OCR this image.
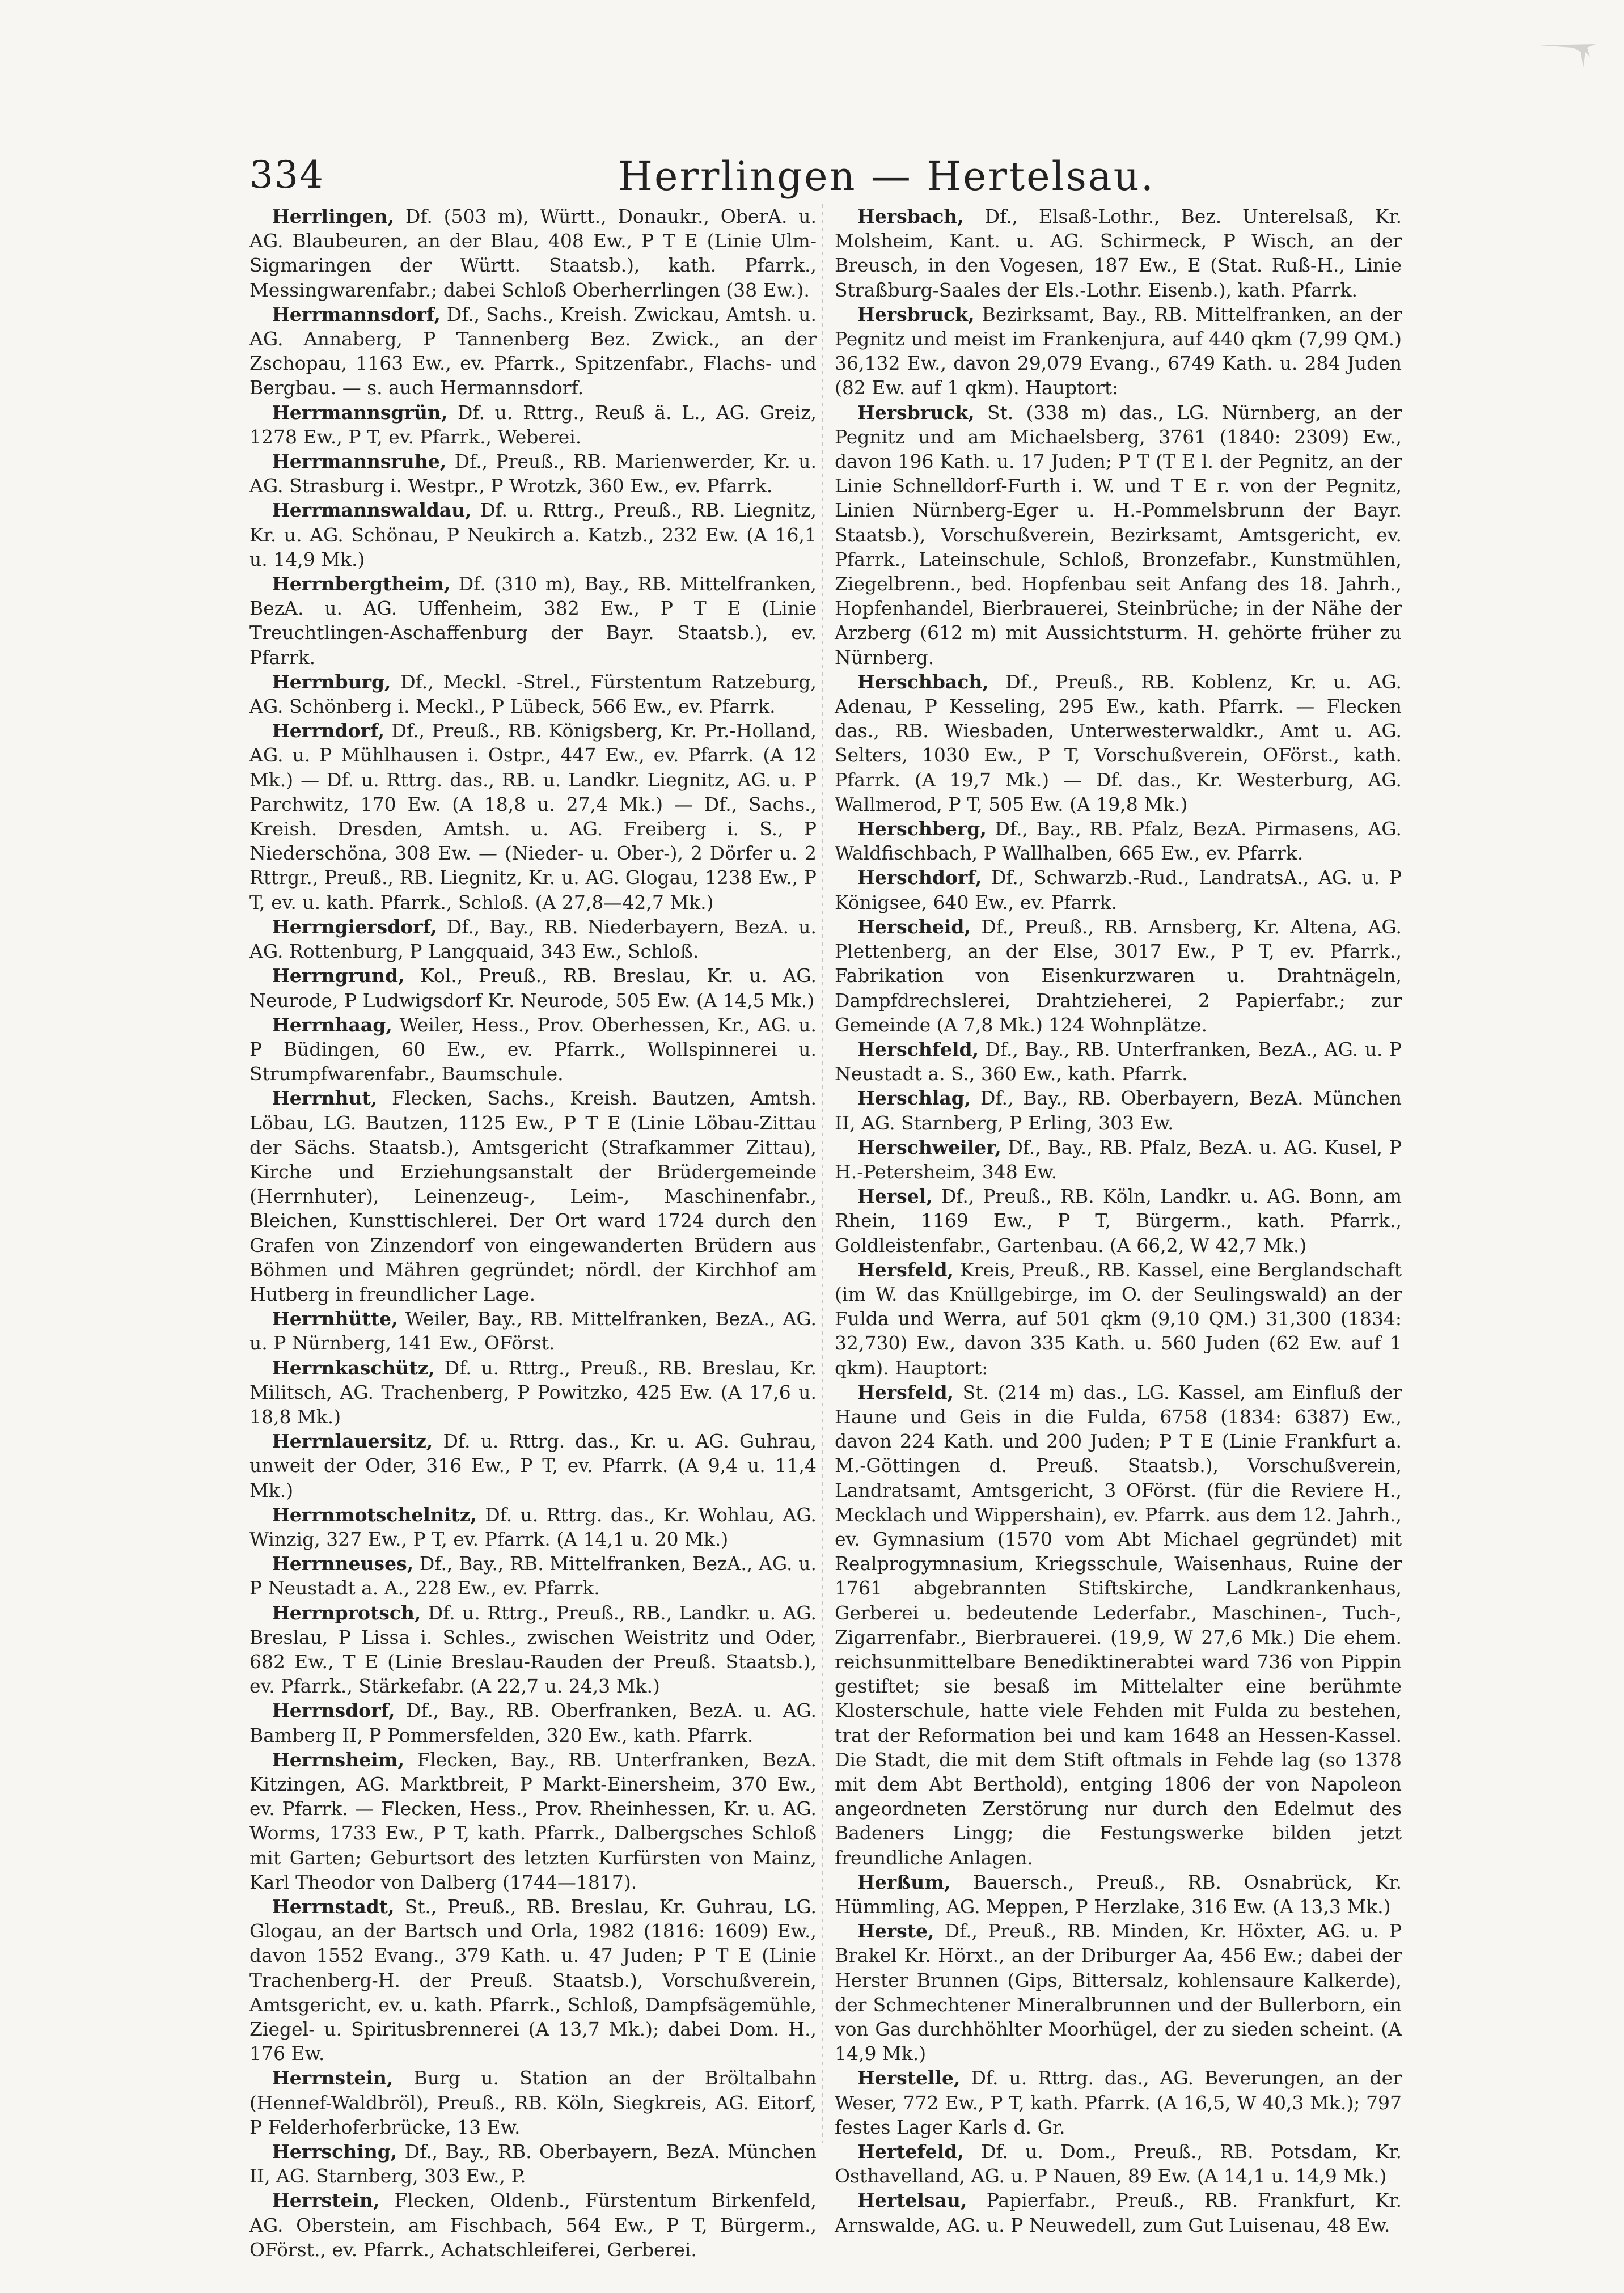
334	Herrlingen — Hertelsau.

Herrlingen, Df. (503 m), Württ., Donaukr., OberA. u. AG. Blaubeuren, an der Blau, 408 Ew., P T E (Linie Ulm-Sigmaringen der Württ. Staatsb.), kath. Pfarrk., Messingwarenfabr.; dabei Schloß Oberherrlingen (38 Ew.).

Herrmannsdorf, Df., Sachs., Kreish. Zwickau, Amtsh. u. AG. Annaberg, P Tannenberg Bez. Zwick., an der Zschopau, 1163 Ew., ev. Pfarrk., Spitzenfabr., Flachs- und Bergbau. — s. auch Hermannsdorf.

Herrmannsgrün, Df. u. Rttrg., Reuß ä. L., AG. Greiz, 1278 Ew., P T, ev. Pfarrk., Weberei.

Herrmannsruhe, Df., Preuß., RB. Marienwerder, Kr. u. AG. Strasburg i. Westpr., P Wrotzk, 360 Ew., ev. Pfarrk.

Herrmannswaldau, Df. u. Rttrg., Preuß., RB. Liegnitz, Kr. u. AG. Schönau, P Neukirch a. Katzb., 232 Ew. (A 16,1 u. 14,9 Mk.)

Herrnbergtheim, Df. (310 m), Bay., RB. Mittelfranken, BezA. u. AG. Uffenheim, 382 Ew., P T E (Linie Treuchtlingen-Aschaffenburg der Bayr. Staatsb.), ev. Pfarrk.

Herrnburg, Df., Meckl. -Strel., Fürstentum Ratzeburg, AG. Schönberg i. Meckl., P Lübeck, 566 Ew., ev. Pfarrk.

Herrndorf, Df., Preuß., RB. Königsberg, Kr. Pr.-Holland, AG. u. P Mühlhausen i. Ostpr., 447 Ew., ev. Pfarrk. (A 12 Mk.) — Df. u. Rttrg. das., RB. u. Landkr. Liegnitz, AG. u. P Parchwitz, 170 Ew. (A 18,8 u. 27,4 Mk.) — Df., Sachs., Kreish. Dresden, Amtsh. u. AG. Freiberg i. S., P Niederschöna, 308 Ew. — (Nieder- u. Ober-), 2 Dörfer u. 2 Rttrgr., Preuß., RB. Liegnitz, Kr. u. AG. Glogau, 1238 Ew., P T, ev. u. kath. Pfarrk., Schloß. (A 27,8—42,7 Mk.)

Herrngiersdorf, Df., Bay., RB. Niederbayern, BezA. u. AG. Rottenburg, P Langquaid, 343 Ew., Schloß.

Herrngrund, Kol., Preuß., RB. Breslau, Kr. u. AG. Neurode, P Ludwigsdorf Kr. Neurode, 505 Ew. (A 14,5 Mk.)

Herrnhaag, Weiler, Hess., Prov. Oberhessen, Kr., AG. u. P Büdingen, 60 Ew., ev. Pfarrk., Wollspinnerei u. Strumpfwarenfabr., Baumschule.

Herrnhut, Flecken, Sachs., Kreish. Bautzen, Amtsh. Löbau, LG. Bautzen, 1125 Ew., P T E (Linie Löbau-Zittau der Sächs. Staatsb.), Amtsgericht (Strafkammer Zittau), Kirche und Erziehungsanstalt der Brüdergemeinde (Herrnhuter), Leinenzeug-, Leim-, Maschinenfabr., Bleichen, Kunsttischlerei. Der Ort ward 1724 durch den Grafen von Zinzendorf von eingewanderten Brüdern aus Böhmen und Mähren gegründet; nördl. der Kirchhof am Hutberg in freundlicher Lage.

Herrnhütte, Weiler, Bay., RB. Mittelfranken, BezA., AG. u. P Nürnberg, 141 Ew., OFörst.

Herrnkaschütz, Df. u. Rttrg., Preuß., RB. Breslau, Kr. Militsch, AG. Trachenberg, P Powitzko, 425 Ew. (A 17,6 u. 18,8 Mk.)

Herrnlauersitz, Df. u. Rttrg. das., Kr. u. AG. Guhrau, unweit der Oder, 316 Ew., P T, ev. Pfarrk. (A 9,4 u. 11,4 Mk.)

Herrnmotschelnitz, Df. u. Rttrg. das., Kr. Wohlau, AG. Winzig, 327 Ew., P T, ev. Pfarrk. (A 14,1 u. 20 Mk.)

Herrnneuses, Df., Bay., RB. Mittelfranken, BezA., AG. u. P Neustadt a. A., 228 Ew., ev. Pfarrk.

Herrnprotsch, Df. u. Rttrg., Preuß., RB., Landkr. u. AG. Breslau, P Lissa i. Schles., zwischen Weistritz und Oder, 682 Ew., T E (Linie Breslau-Rauden der Preuß. Staatsb.), ev. Pfarrk., Stärkefabr. (A 22,7 u. 24,3 Mk.)

Herrnsdorf, Df., Bay., RB. Oberfranken, BezA. u. AG. Bamberg II, P Pommersfelden, 320 Ew., kath. Pfarrk.

Herrnsheim, Flecken, Bay., RB. Unterfranken, BezA. Kitzingen, AG. Marktbreit, P Markt-Einersheim, 370 Ew., ev. Pfarrk. — Flecken, Hess., Prov. Rheinhessen, Kr. u. AG. Worms, 1733 Ew., P T, kath. Pfarrk., Dalbergsches Schloß mit Garten; Geburtsort des letzten Kurfürsten von Mainz, Karl Theodor von Dalberg (1744—1817).

Herrnstadt, St., Preuß., RB. Breslau, Kr. Guhrau, LG. Glogau, an der Bartsch und Orla, 1982 (1816: 1609) Ew., davon 1552 Evang., 379 Kath. u. 47 Juden; P T E (Linie Trachenberg-H. der Preuß. Staatsb.), Vorschußverein, Amtsgericht, ev. u. kath. Pfarrk., Schloß, Dampfsägemühle, Ziegel- u. Spiritusbrennerei (A 13,7 Mk.); dabei Dom. H., 176 Ew.

Herrnstein, Burg u. Station an der Bröltalbahn (Hennef-Waldbröl), Preuß., RB. Köln, Siegkreis, AG. Eitorf, P Felderhoferbrücke, 13 Ew.

Herrsching, Df., Bay., RB. Oberbayern, BezA. München II, AG. Starnberg, 303 Ew., P.

Herrstein, Flecken, Oldenb., Fürstentum Birkenfeld, AG. Oberstein, am Fischbach, 564 Ew., P T, Bürgerm., OFörst., ev. Pfarrk., Achatschleiferei, Gerberei.

Hersbach, Df., Elsaß-Lothr., Bez. Unterelsaß, Kr. Molsheim, Kant. u. AG. Schirmeck, P Wisch, an der Breusch, in den Vogesen, 187 Ew., E (Stat. Ruß-H., Linie Straßburg-Saales der Els.-Lothr. Eisenb.), kath. Pfarrk.

Hersbruck, Bezirksamt, Bay., RB. Mittelfranken, an der Pegnitz und meist im Frankenjura, auf 440 qkm (7,99 QM.) 36,132 Ew., davon 29,079 Evang., 6749 Kath. u. 284 Juden (82 Ew. auf 1 qkm). Hauptort:

Hersbruck, St. (338 m) das., LG. Nürnberg, an der Pegnitz und am Michaelsberg, 3761 (1840: 2309) Ew., davon 196 Kath. u. 17 Juden; P T (T E l. der Pegnitz, an der Linie Schnelldorf-Furth i. W. und T E r. von der Pegnitz, Linien Nürnberg-Eger u. H.-Pommelsbrunn der Bayr. Staatsb.), Vorschußverein, Bezirksamt, Amtsgericht, ev. Pfarrk., Lateinschule, Schloß, Bronzefabr., Kunstmühlen, Ziegelbrenn., bed. Hopfenbau seit Anfang des 18. Jahrh., Hopfenhandel, Bierbrauerei, Steinbrüche; in der Nähe der Arzberg (612 m) mit Aussichtsturm. H. gehörte früher zu Nürnberg.

Herschbach, Df., Preuß., RB. Koblenz, Kr. u. AG. Adenau, P Kesseling, 295 Ew., kath. Pfarrk. — Flecken das., RB. Wiesbaden, Unterwesterwaldkr., Amt u. AG. Selters, 1030 Ew., P T, Vorschußverein, OFörst., kath. Pfarrk. (A 19,7 Mk.) — Df. das., Kr. Westerburg, AG. Wallmerod, P T, 505 Ew. (A 19,8 Mk.)

Herschberg, Df., Bay., RB. Pfalz, BezA. Pirmasens, AG. Waldfischbach, P Wallhalben, 665 Ew., ev. Pfarrk.

Herschdorf, Df., Schwarzb.-Rud., LandratsA., AG. u. P Königsee, 640 Ew., ev. Pfarrk.

Herscheid, Df., Preuß., RB. Arnsberg, Kr. Altena, AG. Plettenberg, an der Else, 3017 Ew., P T, ev. Pfarrk., Fabrikation von Eisenkurzwaren u. Drahtnägeln, Dampfdrechslerei, Drahtzieherei, 2 Papierfabr.; zur Gemeinde (A 7,8 Mk.) 124 Wohnplätze.

Herschfeld, Df., Bay., RB. Unterfranken, BezA., AG. u. P Neustadt a. S., 360 Ew., kath. Pfarrk.

Herschlag, Df., Bay., RB. Oberbayern, BezA. München II, AG. Starnberg, P Erling, 303 Ew.

Herschweiler, Df., Bay., RB. Pfalz, BezA. u. AG. Kusel, P H.-Petersheim, 348 Ew.

Hersel, Df., Preuß., RB. Köln, Landkr. u. AG. Bonn, am Rhein, 1169 Ew., P T, Bürgerm., kath. Pfarrk., Goldleistenfabr., Gartenbau. (A 66,2, W 42,7 Mk.)

Hersfeld, Kreis, Preuß., RB. Kassel, eine Berglandschaft (im W. das Knüllgebirge, im O. der Seulingswald) an der Fulda und Werra, auf 501 qkm (9,10 QM.) 31,300 (1834: 32,730) Ew., davon 335 Kath. u. 560 Juden (62 Ew. auf 1 qkm). Hauptort:

Hersfeld, St. (214 m) das., LG. Kassel, am Einfluß der Haune und Geis in die Fulda, 6758 (1834: 6387) Ew., davon 224 Kath. und 200 Juden; P T E (Linie Frankfurt a. M.-Göttingen d. Preuß. Staatsb.), Vorschußverein, Landratsamt, Amtsgericht, 3 OFörst. (für die Reviere H., Mecklach und Wippershain), ev. Pfarrk. aus dem 12. Jahrh., ev. Gymnasium (1570 vom Abt Michael gegründet) mit Realprogymnasium, Kriegsschule, Waisenhaus, Ruine der 1761 abgebrannten Stiftskirche, Landkrankenhaus, Gerberei u. bedeutende Lederfabr., Maschinen-, Tuch-, Zigarrenfabr., Bierbrauerei. (19,9, W 27,6 Mk.) Die ehem. reichsunmittelbare Benediktinerabtei ward 736 von Pippin gestiftet; sie besaß im Mittelalter eine berühmte Klosterschule, hatte viele Fehden mit Fulda zu bestehen, trat der Reformation bei und kam 1648 an Hessen-Kassel. Die Stadt, die mit dem Stift oftmals in Fehde lag (so 1378 mit dem Abt Berthold), entging 1806 der von Napoleon angeordneten Zerstörung nur durch den Edelmut des Badeners Lingg; die Festungswerke bilden jetzt freundliche Anlagen.

Herßum, Bauersch., Preuß., RB. Osnabrück, Kr. Hümmling, AG. Meppen, P Herzlake, 316 Ew. (A 13,3 Mk.)

Herste, Df., Preuß., RB. Minden, Kr. Höxter, AG. u. P Brakel Kr. Hörxt., an der Driburger Aa, 456 Ew.; dabei der Herster Brunnen (Gips, Bittersalz, kohlensaure Kalkerde), der Schmechtener Mineralbrunnen und der Bullerborn, ein von Gas durchhöhlter Moorhügel, der zu sieden scheint. (A 14,9 Mk.)

Herstelle, Df. u. Rttrg. das., AG. Beverungen, an der Weser, 772 Ew., P T, kath. Pfarrk. (A 16,5, W 40,3 Mk.); 797 festes Lager Karls d. Gr.

Hertefeld, Df. u. Dom., Preuß., RB. Potsdam, Kr. Osthavelland, AG. u. P Nauen, 89 Ew. (A 14,1 u. 14,9 Mk.)

Hertelsau, Papierfabr., Preuß., RB. Frankfurt, Kr. Arnswalde, AG. u. P Neuwedell, zum Gut Luisenau, 48 Ew.
